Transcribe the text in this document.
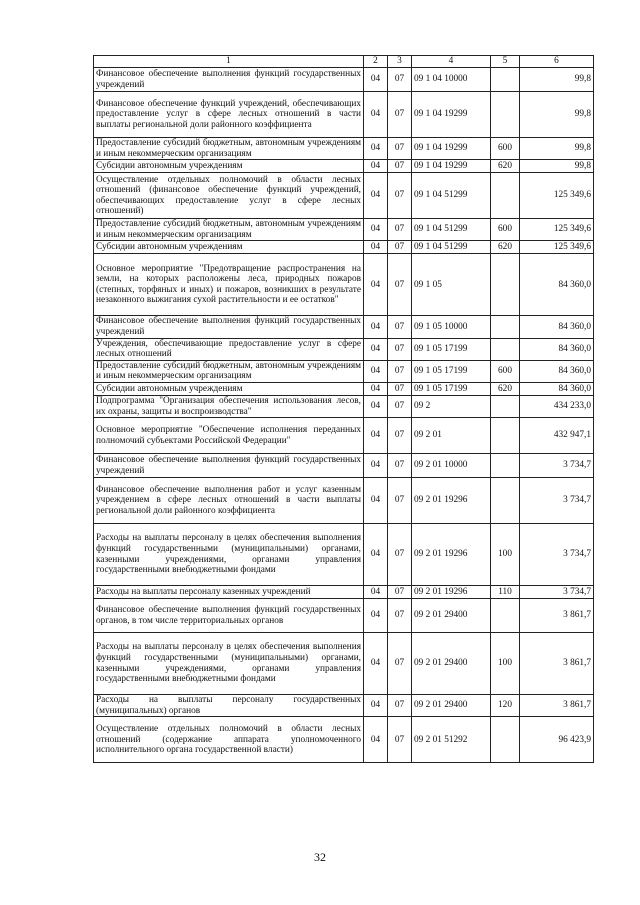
1	2	3	4	5	6
Финансовое обеспечение выполнения функций государственных учреждений	04	07	09 1 04 10000		99,8
Финансовое обеспечение функций учреждений, обеспечивающих предоставление услуг в сфере лесных отношений в части выплаты региональной доли районного коэффициента	04	07	09 1 04 19299		99,8
Предоставление субсидий бюджетным, автономным учреждениям и иным некоммерческим организациям	04	07	09 1 04 19299	600	99,8
Субсидии автономным учреждениям	04	07	09 1 04 19299	620	99,8
Осуществление отдельных полномочий в области лесных отношений (финансовое обеспечение функций учреждений, обеспечивающих предоставление услуг в сфере лесных отношений)	04	07	09 1 04 51299		125 349,6
Предоставление субсидий бюджетным, автономным учреждениям и иным некоммерческим организациям	04	07	09 1 04 51299	600	125 349,6
Субсидии автономным учреждениям	04	07	09 1 04 51299	620	125 349,6
Основное мероприятие "Предотвращение распространения на земли, на которых расположены леса, природных пожаров (степных, торфяных и иных) и пожаров, возникших в результате незаконного выжигания сухой растительности и ее остатков"	04	07	09 1 05		84 360,0
Финансовое обеспечение выполнения функций государственных учреждений	04	07	09 1 05 10000		84 360,0
Учреждения, обеспечивающие предоставление услуг в сфере лесных отношений	04	07	09 1 05 17199		84 360,0
Предоставление субсидий бюджетным, автономным учреждениям и иным некоммерческим организациям	04	07	09 1 05 17199	600	84 360,0
Субсидии автономным учреждениям	04	07	09 1 05 17199	620	84 360,0
Подпрограмма "Организация обеспечения использования лесов, их охраны, защиты и воспроизводства"	04	07	09 2		434 233,0
Основное мероприятие "Обеспечение исполнения переданных полномочий субъектами Российской Федерации"	04	07	09 2 01		432 947,1
Финансовое обеспечение выполнения функций государственных учреждений	04	07	09 2 01 10000		3 734,7
Финансовое обеспечение выполнения работ и услуг казенным учреждением в сфере лесных отношений в части выплаты региональной доли районного коэффициента	04	07	09 2 01 19296		3 734,7
Расходы на выплаты персоналу в целях обеспечения выполнения функций государственными (муниципальными) органами, казенными учреждениями, органами управления государственными внебюджетными фондами	04	07	09 2 01 19296	100	3 734,7
Расходы на выплаты персоналу казенных учреждений	04	07	09 2 01 19296	110	3 734,7
Финансовое обеспечение выполнения функций государственных органов, в том числе территориальных органов	04	07	09 2 01 29400		3 861,7
Расходы на выплаты персоналу в целях обеспечения выполнения функций государственными (муниципальными) органами, казенными учреждениями, органами управления государственными внебюджетными фондами	04	07	09 2 01 29400	100	3 861,7
Расходы на выплаты персоналу государственных (муниципальных) органов	04	07	09 2 01 29400	120	3 861,7
Осуществление отдельных полномочий в области лесных отношений (содержание аппарата уполномоченного исполнительного органа государственной власти)	04	07	09 2 01 51292		96 423,9
32
